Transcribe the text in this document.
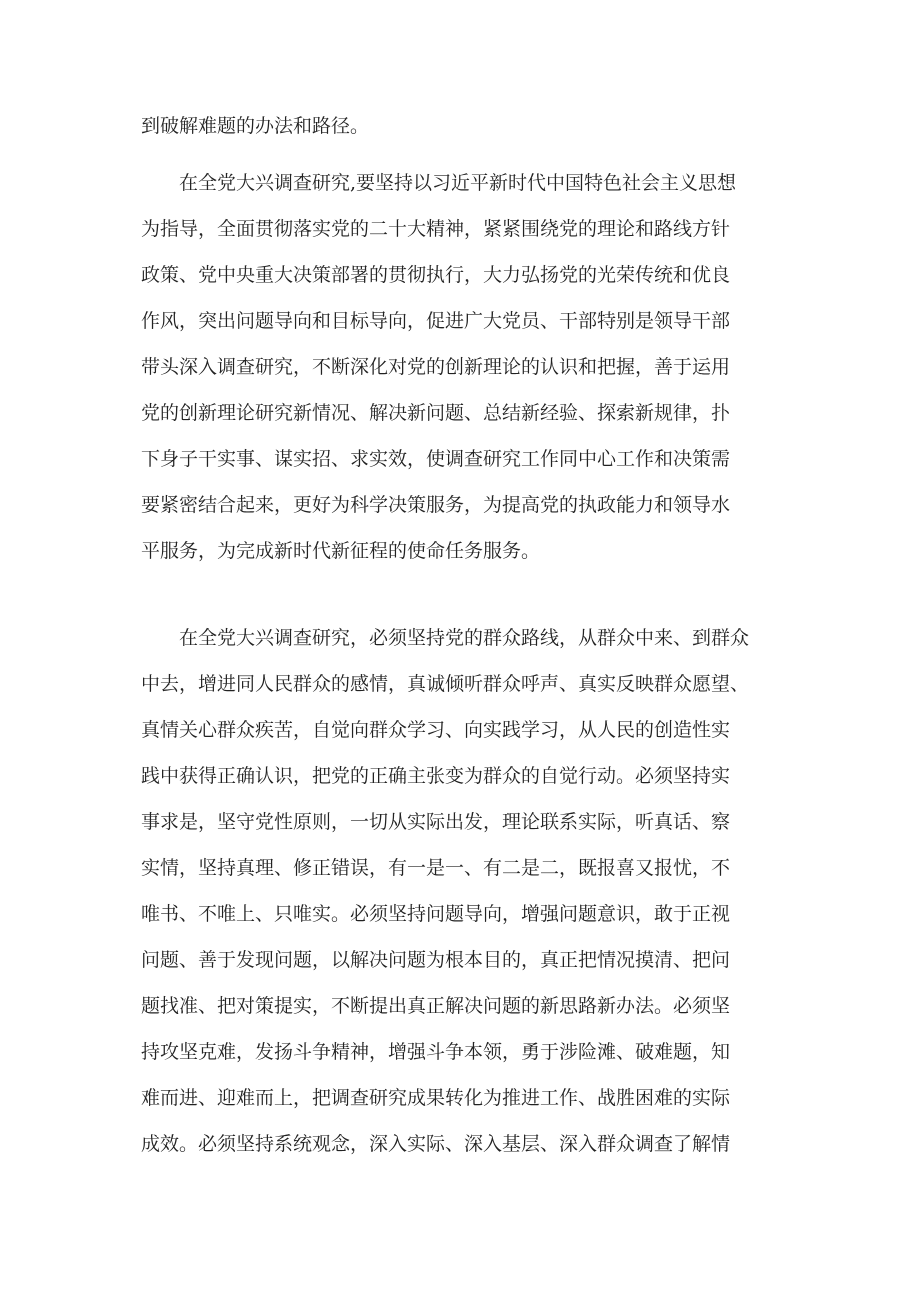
到破解难题的办法和路径。
在全党大兴调查研究,要坚持以习近平新时代中国特色社会主义思想
为指导，全面贯彻落实党的二十大精神，紧紧围绕党的理论和路线方针
政策、党中央重大决策部署的贯彻执行，大力弘扬党的光荣传统和优良
作风，突出问题导向和目标导向，促进广大党员、干部特别是领导干部
带头深入调查研究，不断深化对党的创新理论的认识和把握，善于运用
党的创新理论研究新情况、解决新问题、总结新经验、探索新规律，扑
下身子干实事、谋实招、求实效，使调查研究工作同中心工作和决策需
要紧密结合起来，更好为科学决策服务，为提高党的执政能力和领导水
平服务，为完成新时代新征程的使命任务服务。
在全党大兴调查研究，必须坚持党的群众路线，从群众中来、到群众
中去，增进同人民群众的感情，真诚倾听群众呼声、真实反映群众愿望、
真情关心群众疾苦，自觉向群众学习、向实践学习，从人民的创造性实
践中获得正确认识，把党的正确主张变为群众的自觉行动。必须坚持实
事求是，坚守党性原则，一切从实际出发，理论联系实际，听真话、察
实情，坚持真理、修正错误，有一是一、有二是二，既报喜又报忧，不
唯书、不唯上、只唯实。必须坚持问题导向，增强问题意识，敢于正视
问题、善于发现问题，以解决问题为根本目的，真正把情况摸清、把问
题找准、把对策提实，不断提出真正解决问题的新思路新办法。必须坚
持攻坚克难，发扬斗争精神，增强斗争本领，勇于涉险滩、破难题，知
难而进、迎难而上，把调查研究成果转化为推进工作、战胜困难的实际
成效。必须坚持系统观念，深入实际、深入基层、深入群众调查了解情
